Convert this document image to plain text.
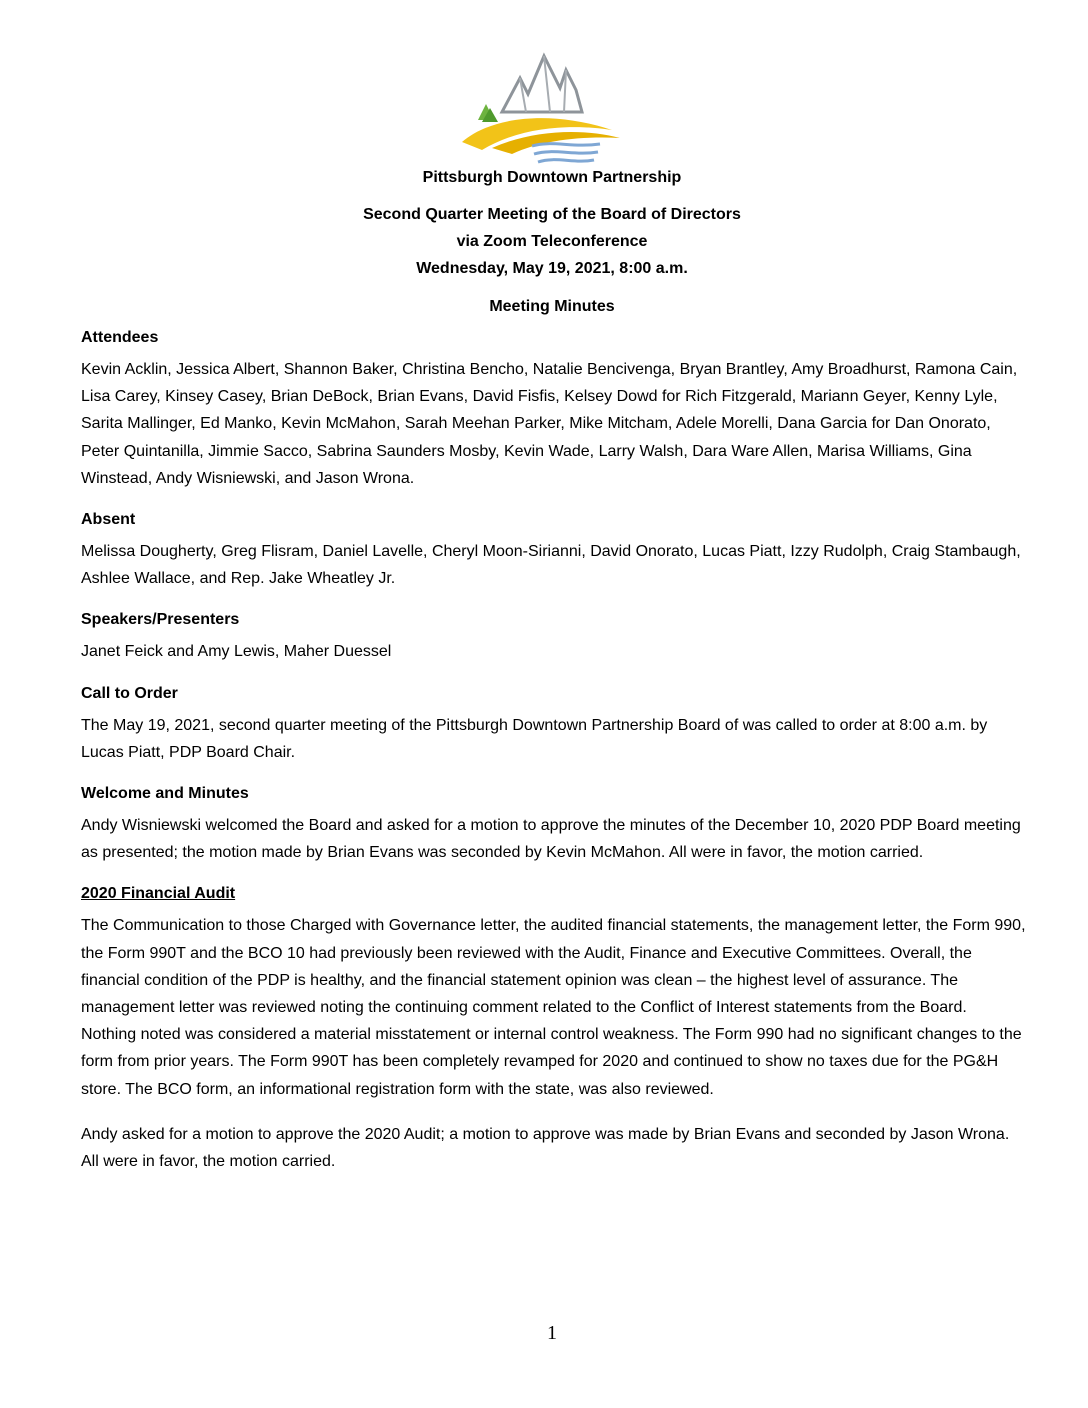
Pittsburgh Downtown Partnership
Second Quarter Meeting of the Board of Directors
via Zoom Teleconference
Wednesday, May 19, 2021, 8:00 a.m.
Meeting Minutes
Attendees
Kevin Acklin, Jessica Albert, Shannon Baker, Christina Bencho, Natalie Bencivenga, Bryan Brantley, Amy Broadhurst, Ramona Cain, Lisa Carey, Kinsey Casey, Brian DeBock, Brian Evans, David Fisfis, Kelsey Dowd for Rich Fitzgerald, Mariann Geyer, Kenny Lyle, Sarita Mallinger, Ed Manko, Kevin McMahon, Sarah Meehan Parker, Mike Mitcham, Adele Morelli, Dana Garcia for Dan Onorato, Peter Quintanilla, Jimmie Sacco, Sabrina Saunders Mosby, Kevin Wade, Larry Walsh, Dara Ware Allen, Marisa Williams, Gina Winstead, Andy Wisniewski, and Jason Wrona.
Absent
Melissa Dougherty, Greg Flisram, Daniel Lavelle, Cheryl Moon-Sirianni, David Onorato, Lucas Piatt, Izzy Rudolph, Craig Stambaugh, Ashlee Wallace, and Rep. Jake Wheatley Jr.
Speakers/Presenters
Janet Feick and Amy Lewis, Maher Duessel
Call to Order
The May 19, 2021, second quarter meeting of the Pittsburgh Downtown Partnership Board of was called to order at 8:00 a.m. by Lucas Piatt, PDP Board Chair.
Welcome and Minutes
Andy Wisniewski welcomed the Board and asked for a motion to approve the minutes of the December 10, 2020 PDP Board meeting as presented; the motion made by Brian Evans was seconded by Kevin McMahon. All were in favor, the motion carried.
2020 Financial Audit
The Communication to those Charged with Governance letter, the audited financial statements, the management letter, the Form 990, the Form 990T and the BCO 10 had previously been reviewed with the Audit, Finance and Executive Committees. Overall, the financial condition of the PDP is healthy, and the financial statement opinion was clean – the highest level of assurance. The management letter was reviewed noting the continuing comment related to the Conflict of Interest statements from the Board. Nothing noted was considered a material misstatement or internal control weakness. The Form 990 had no significant changes to the form from prior years. The Form 990T has been completely revamped for 2020 and continued to show no taxes due for the PG&H store. The BCO form, an informational registration form with the state, was also reviewed.
Andy asked for a motion to approve the 2020 Audit; a motion to approve was made by Brian Evans and seconded by Jason Wrona. All were in favor, the motion carried.
1
